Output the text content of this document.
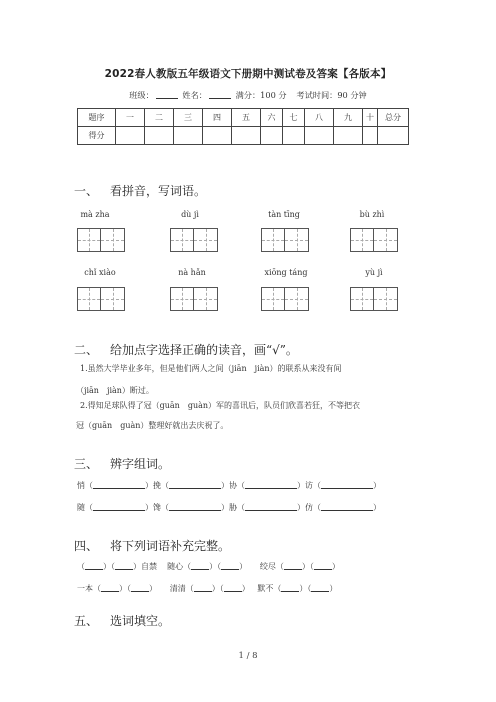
2022春人教版五年级语文下册期中测试卷及答案【各版本】
班级：	姓名：	满分：100 分 考试时间：90 分钟
题序	一	二	三	四	五	六	七	八	九	十	总分
得分											
一、 看拼音，写词语。
mà zha	dù jì	tàn tīng	bù zhì
chǐ xiào	nà hǎn	xiōng táng	yù jì
二、 给加点字选择正确的读音，画“√”。
1.虽然大学毕业多年，但是他们两人之间（jiān　jiàn）的联系从来没有间
（jiān　jiàn）断过。
2.得知足球队得了冠（guān　guàn）军的喜讯后，队员们欣喜若狂，不等把衣
冠（guān　guàn）整理好就出去庆祝了。
三、 辨字组词。
悄（	）挽（	）协（	）访（	）
随（	）馋（	）胁（	）仿（	）
四、 将下列词语补充完整。
（ ）（ ）自禁 随心（ ）（ ）     绞尽（ ）（ ）
一本（ ）（ ）     清清（ ）（ ）   默不（ ）（ ）
五、 选词填空。
1 / 8
